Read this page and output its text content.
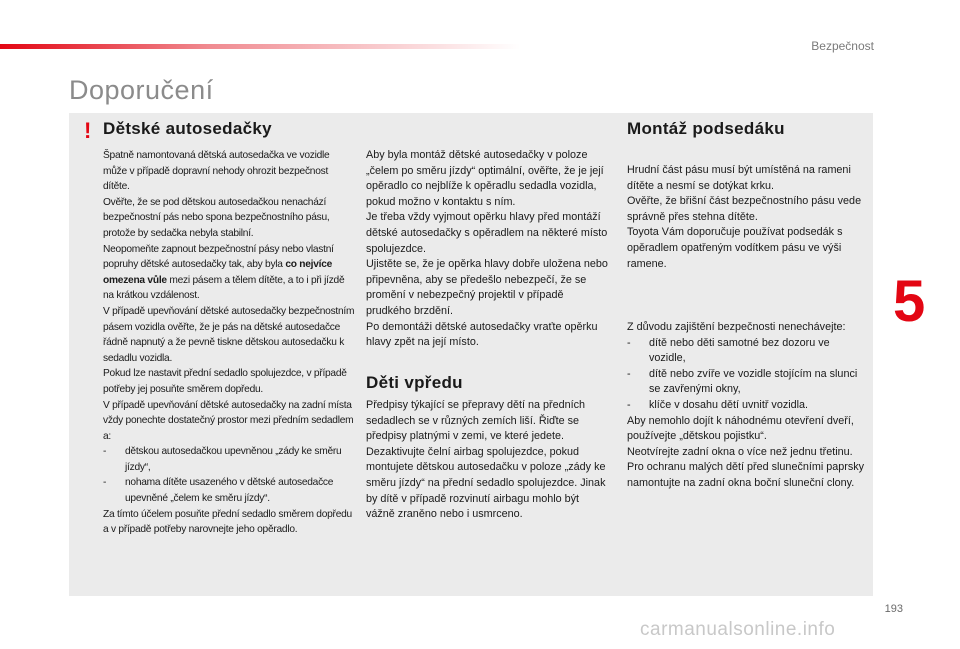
Bezpečnost
Doporučení
! Dětské autosedačky

Špatně namontovaná dětská autosedačka ve vozidle může v případě dopravní nehody ohrozit bezpečnost dítěte.

Ověřte, že se pod dětskou autosedačkou nenachází bezpečnostní pás nebo spona bezpečnostního pásu, protože by sedačka nebyla stabilní.

Neopomeňte zapnout bezpečnostní pásy nebo vlastní popruhy dětské autosedačky tak, aby byla co nejvíce omezena vůle mezi pásem a tělem dítěte, a to i při jízdě na krátkou vzdálenost.

V případě upevňování dětské autosedačky bezpečnostním pásem vozidla ověřte, že je pás na dětské autosedačce řádně napnutý a že pevně tiskne dětskou autosedačku k sedadlu vozidla.

Pokud lze nastavit přední sedadlo spolujezdce, v případě potřeby jej posuňte směrem dopředu.

V případě upevňování dětské autosedačky na zadní místa vždy ponechte dostatečný prostor mezi předním sedadlem a:

-	dětskou autosedačkou upevněnou „zády ke směru jízdy“,
-	nohama dítěte usazeného v dětské autosedačce upevněné „čelem ke směru jízdy“.

Za tímto účelem posuňte přední sedadlo směrem dopředu a v případě potřeby narovnejte jeho opěradlo.

Aby byla montáž dětské autosedačky v poloze „čelem po směru jízdy“ optimální, ověřte, že je její opěradlo co nejblíže k opěradlu sedadla vozidla, pokud možno v kontaktu s ním.

Je třeba vždy vyjmout opěrku hlavy před montáží dětské autosedačky s opěradlem na některé místo spolujezdce.

Ujistěte se, že je opěrka hlavy dobře uložena nebo připevněna, aby se předešlo nebezpečí, že se promění v nebezpečný projektil v případě prudkého brzdění.

Po demontáži dětské autosedačky vraťte opěrku hlavy zpět na její místo.

Děti vpředu

Předpisy týkající se přepravy dětí na předních sedadlech se v různých zemích liší. Řiďte se předpisy platnými v zemi, ve které jedete.

Dezaktivujte čelní airbag spolujezdce, pokud montujete dětskou autosedačku v poloze „zády ke směru jízdy“ na přední sedadlo spolujezdce. Jinak by dítě v případě rozvinutí airbagu mohlo být vážně zraněno nebo i usmrceno.

Montáž podsedáku

Hrudní část pásu musí být umístěná na rameni dítěte a nesmí se dotýkat krku.

Ověřte, že břišní část bezpečnostního pásu vede správně přes stehna dítěte.

Toyota Vám doporučuje používat podsedák s opěradlem opatřeným vodítkem pásu ve výši ramene.

Z důvodu zajištění bezpečnosti nenechávejte:

-	dítě nebo děti samotné bez dozoru ve vozidle,
-	dítě nebo zvíře ve vozidle stojícím na slunci se zavřenými okny,
-	klíče v dosahu dětí uvnitř vozidla.

Aby nemohlo dojít k náhodnému otevření dveří, používejte „dětskou pojistku“.

Neotvírejte zadní okna o více než jednu třetinu.

Pro ochranu malých dětí před slunečními paprsky namontujte na zadní okna boční sluneční clony.

5
193
carmanualsonline.info
